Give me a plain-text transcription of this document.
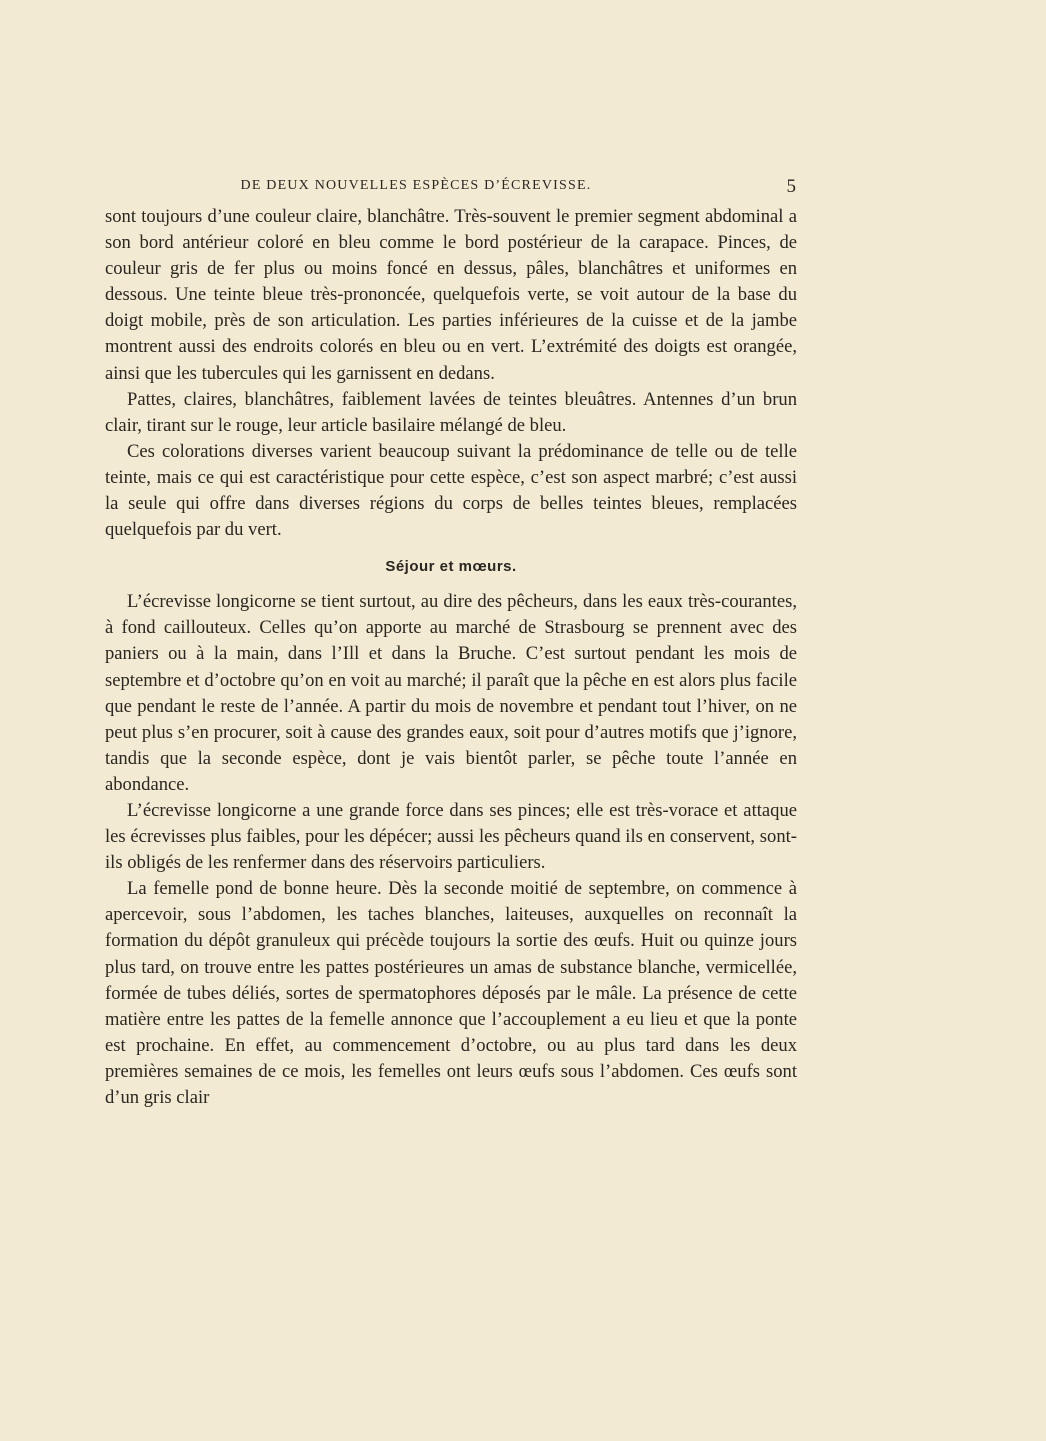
DE DEUX NOUVELLES ESPÈCES D’ÉCREVISSE.	5

sont toujours d’une couleur claire, blanchâtre. Très-souvent le premier segment abdominal a son bord antérieur coloré en bleu comme le bord postérieur de la carapace. Pinces, de couleur gris de fer plus ou moins foncé en dessus, pâles, blanchâtres et uniformes en dessous. Une teinte bleue très-prononcée, quelquefois verte, se voit autour de la base du doigt mobile, près de son articulation. Les parties inférieures de la cuisse et de la jambe montrent aussi des endroits colorés en bleu ou en vert. L’extrémité des doigts est orangée, ainsi que les tubercules qui les garnissent en dedans.

Pattes, claires, blanchâtres, faiblement lavées de teintes bleuâtres. Antennes d’un brun clair, tirant sur le rouge, leur article basilaire mélangé de bleu.

Ces colorations diverses varient beaucoup suivant la prédominance de telle ou de telle teinte, mais ce qui est caractéristique pour cette espèce, c’est son aspect marbré; c’est aussi la seule qui offre dans diverses régions du corps de belles teintes bleues, remplacées quelquefois par du vert.

Séjour et mœurs.

L’écrevisse longicorne se tient surtout, au dire des pêcheurs, dans les eaux très-courantes, à fond caillouteux. Celles qu’on apporte au marché de Strasbourg se prennent avec des paniers ou à la main, dans l’Ill et dans la Bruche. C’est surtout pendant les mois de septembre et d’octobre qu’on en voit au marché; il paraît que la pêche en est alors plus facile que pendant le reste de l’année. A partir du mois de novembre et pendant tout l’hiver, on ne peut plus s’en procurer, soit à cause des grandes eaux, soit pour d’autres motifs que j’ignore, tandis que la seconde espèce, dont je vais bientôt parler, se pêche toute l’année en abondance.

L’écrevisse longicorne a une grande force dans ses pinces; elle est très-vorace et attaque les écrevisses plus faibles, pour les dépécer; aussi les pêcheurs quand ils en conservent, sont-ils obligés de les renfermer dans des réservoirs particuliers.

La femelle pond de bonne heure. Dès la seconde moitié de septembre, on commence à apercevoir, sous l’abdomen, les taches blanches, laiteuses, auxquelles on reconnaît la formation du dépôt granuleux qui précède toujours la sortie des œufs. Huit ou quinze jours plus tard, on trouve entre les pattes postérieures un amas de substance blanche, vermicellée, formée de tubes déliés, sortes de spermatophores déposés par le mâle. La présence de cette matière entre les pattes de la femelle annonce que l’accouplement a eu lieu et que la ponte est prochaine. En effet, au commencement d’octobre, ou au plus tard dans les deux premières semaines de ce mois, les femelles ont leurs œufs sous l’abdomen. Ces œufs sont d’un gris clair
